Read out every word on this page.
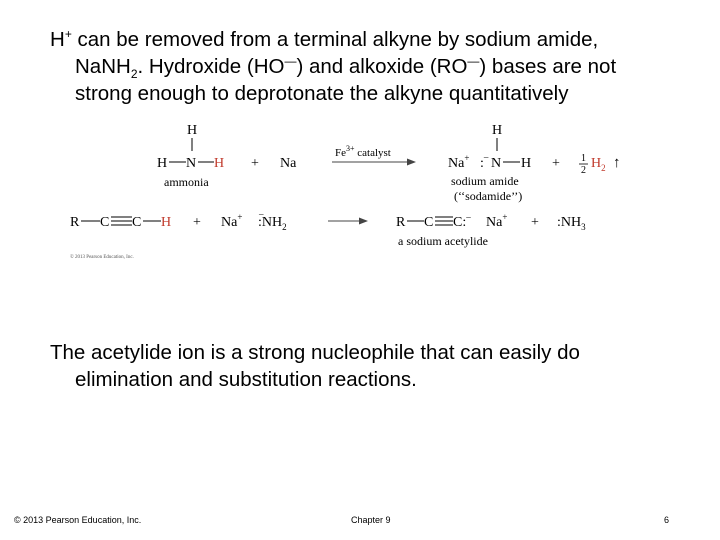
H+ can be removed from a terminal alkyne by sodium amide,
NaNH$_2$. Hydroxide (HO—) and alkoxide (RO—) bases are not
strong enough to deprotonate the alkyne quantitatively
H
H N H + Na
ammonia
$Fe^{3+}$ catalyst
Na+ :–
H
N H + 1
2 $H_2$ ↑
sodium amide
(‘‘sodamide’’)
R C C H + Na+ –
$:NH_2$	R C C:– $Na^+ + :NH_3$
a sodium acetylide
© 2013 Pearson Education, Inc.
The acetylide ion is a strong nucleophile that can easily do
elimination and substitution reactions.
© 2013 Pearson Education, Inc.	Chapter 9	6
